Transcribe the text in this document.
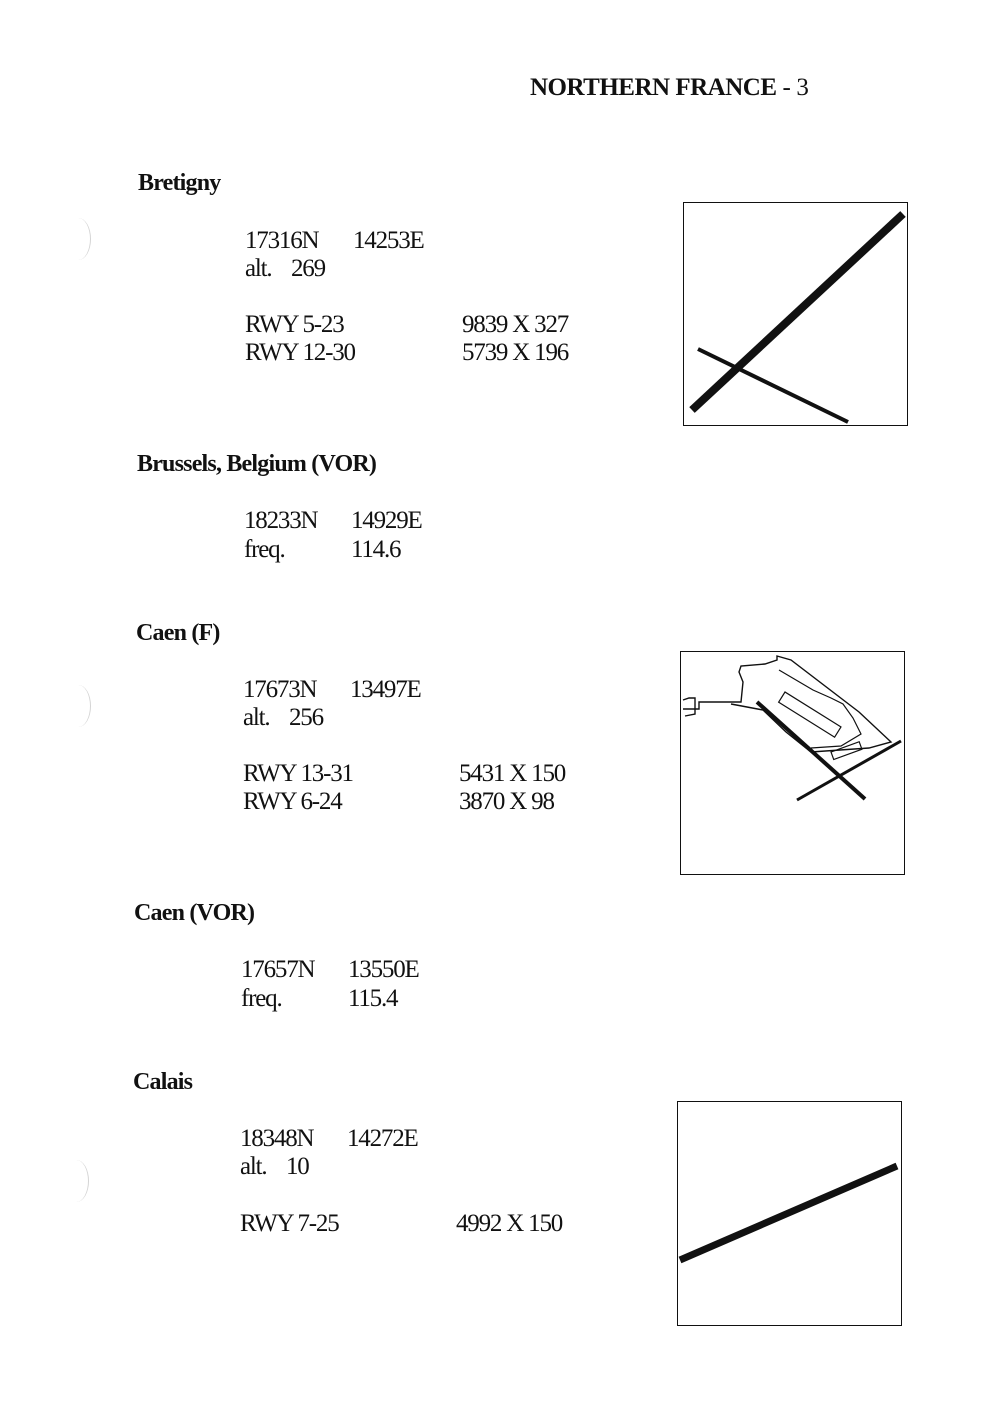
NORTHERN FRANCE - 3
Bretigny
17316N 14253E
alt. 269
RWY 5-23	9839 X 327
RWY 12-30	5739 X 196
Brussels, Belgium (VOR)
18233N 14929E
freq.	114.6
Caen (F)
17673N 13497E
alt. 256
RWY 13-31	5431 X 150
RWY 6-24	3870 X 98
Caen (VOR)
17657N 13550E
freq.	115.4
Calais
18348N 14272E
alt. 10
RWY 7-25	4992 X 150
